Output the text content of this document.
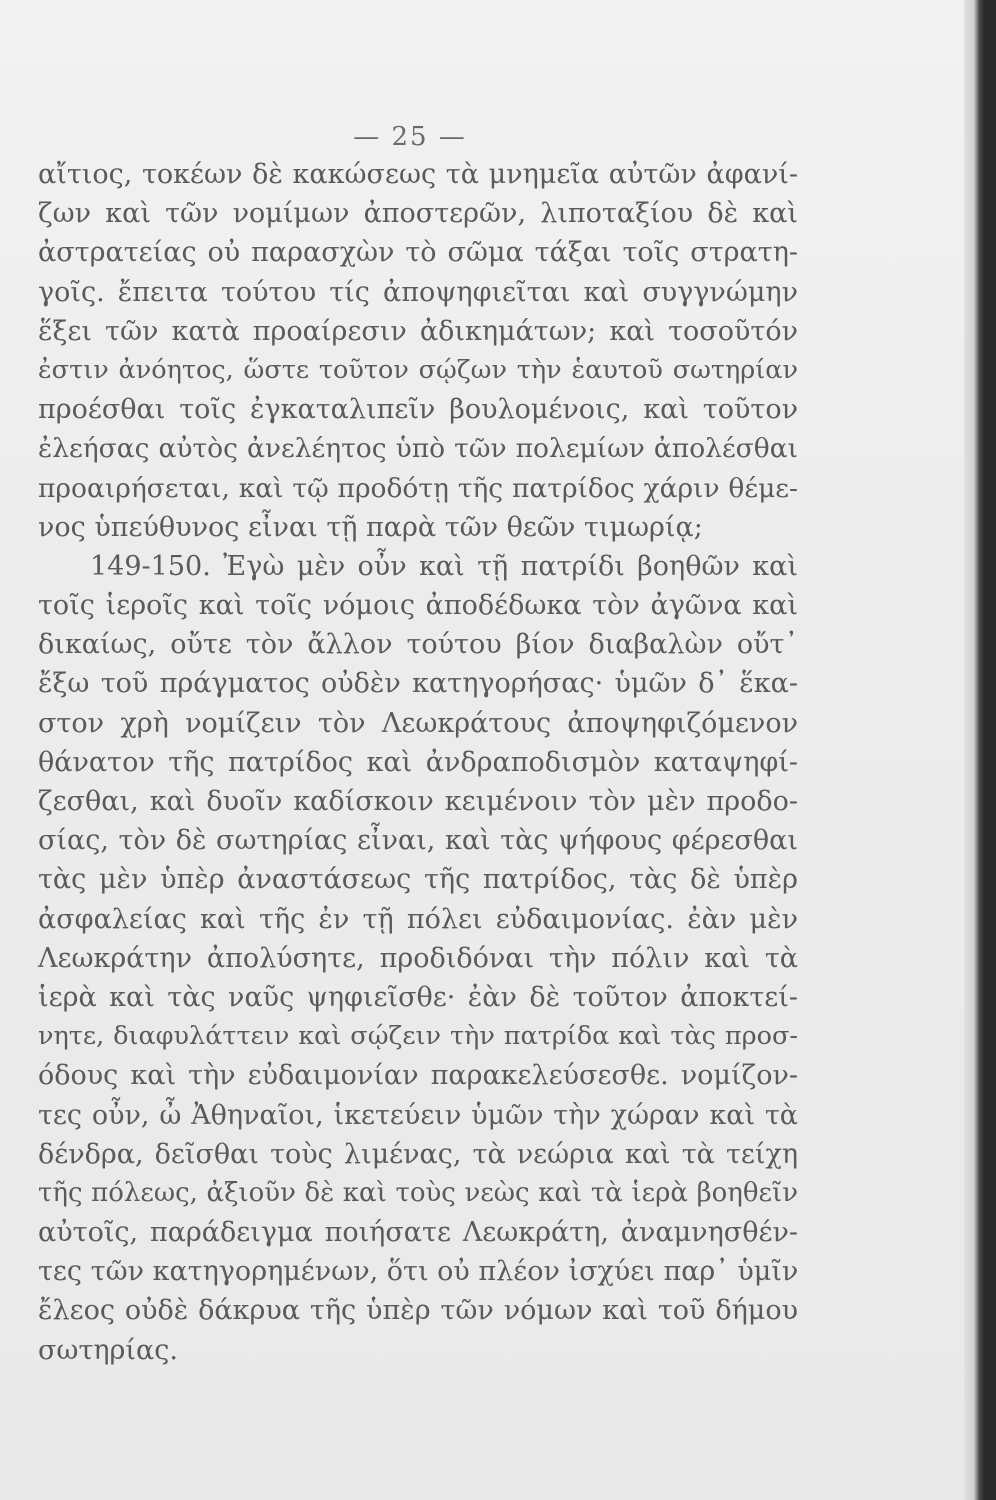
— 25 —
αἴτιος, τοκέων δὲ κακώσεως τὰ μνημεῖα αὐτῶν ἀφανί-
ζων καὶ τῶν νομίμων ἀποστερῶν, λιποταξίου δὲ καὶ
ἀστρατείας οὐ παρασχὼν τὸ σῶμα τάξαι τοῖς στρατη-
γοῖς. ἔπειτα τούτου τίς ἀποψηφιεῖται καὶ συγγνώμην
ἕξει τῶν κατὰ προαίρεσιν ἀδικημάτων; καὶ τοσοῦτόν
ἐστιν ἀνόητος, ὥστε τοῦτον σῴζων τὴν ἑαυτοῦ σωτηρίαν
προέσθαι τοῖς ἐγκαταλιπεῖν βουλομένοις, καὶ τοῦτον
ἐλεήσας αὐτὸς ἀνελέητος ὑπὸ τῶν πολεμίων ἀπολέσθαι
προαιρήσεται, καὶ τῷ προδότῃ τῆς πατρίδος χάριν θέμε-
νος ὑπεύθυνος εἶναι τῇ παρὰ τῶν θεῶν τιμωρίᾳ;
149-150. Ἐγὼ μὲν οὖν καὶ τῇ πατρίδι βοηθῶν καὶ
τοῖς ἱεροῖς καὶ τοῖς νόμοις ἀποδέδωκα τὸν ἀγῶνα καὶ
δικαίως, οὔτε τὸν ἄλλον τούτου βίον διαβαλὼν οὔτ᾽
ἔξω τοῦ πράγματος οὐδὲν κατηγορήσας· ὑμῶν δ᾽ ἕκα-
στον χρὴ νομίζειν τὸν Λεωκράτους ἀποψηφιζόμενον
θάνατον τῆς πατρίδος καὶ ἀνδραποδισμὸν καταψηφί-
ζεσθαι, καὶ δυοῖν καδίσκοιν κειμένοιν τὸν μὲν προδο-
σίας, τὸν δὲ σωτηρίας εἶναι, καὶ τὰς ψήφους φέρεσθαι
τὰς μὲν ὑπὲρ ἀναστάσεως τῆς πατρίδος, τὰς δὲ ὑπὲρ
ἀσφαλείας καὶ τῆς ἐν τῇ πόλει εὐδαιμονίας. ἐὰν μὲν
Λεωκράτην ἀπολύσητε, προδιδόναι τὴν πόλιν καὶ τὰ
ἱερὰ καὶ τὰς ναῦς ψηφιεῖσθε· ἐὰν δὲ τοῦτον ἀποκτεί-
νητε, διαφυλάττειν καὶ σῴζειν τὴν πατρίδα καὶ τὰς προσ-
όδους καὶ τὴν εὐδαιμονίαν παρακελεύσεσθε. νομίζον-
τες οὖν, ὦ Ἀθηναῖοι, ἱκετεύειν ὑμῶν τὴν χώραν καὶ τὰ
δένδρα, δεῖσθαι τοὺς λιμένας, τὰ νεώρια καὶ τὰ τείχη
τῆς πόλεως, ἀξιοῦν δὲ καὶ τοὺς νεὼς καὶ τὰ ἱερὰ βοηθεῖν
αὐτοῖς, παράδειγμα ποιήσατε Λεωκράτη, ἀναμνησθέν-
τες τῶν κατηγορημένων, ὅτι οὐ πλέον ἰσχύει παρ᾽ ὑμῖν
ἔλεος οὐδὲ δάκρυα τῆς ὑπὲρ τῶν νόμων καὶ τοῦ δήμου
σωτηρίας.
